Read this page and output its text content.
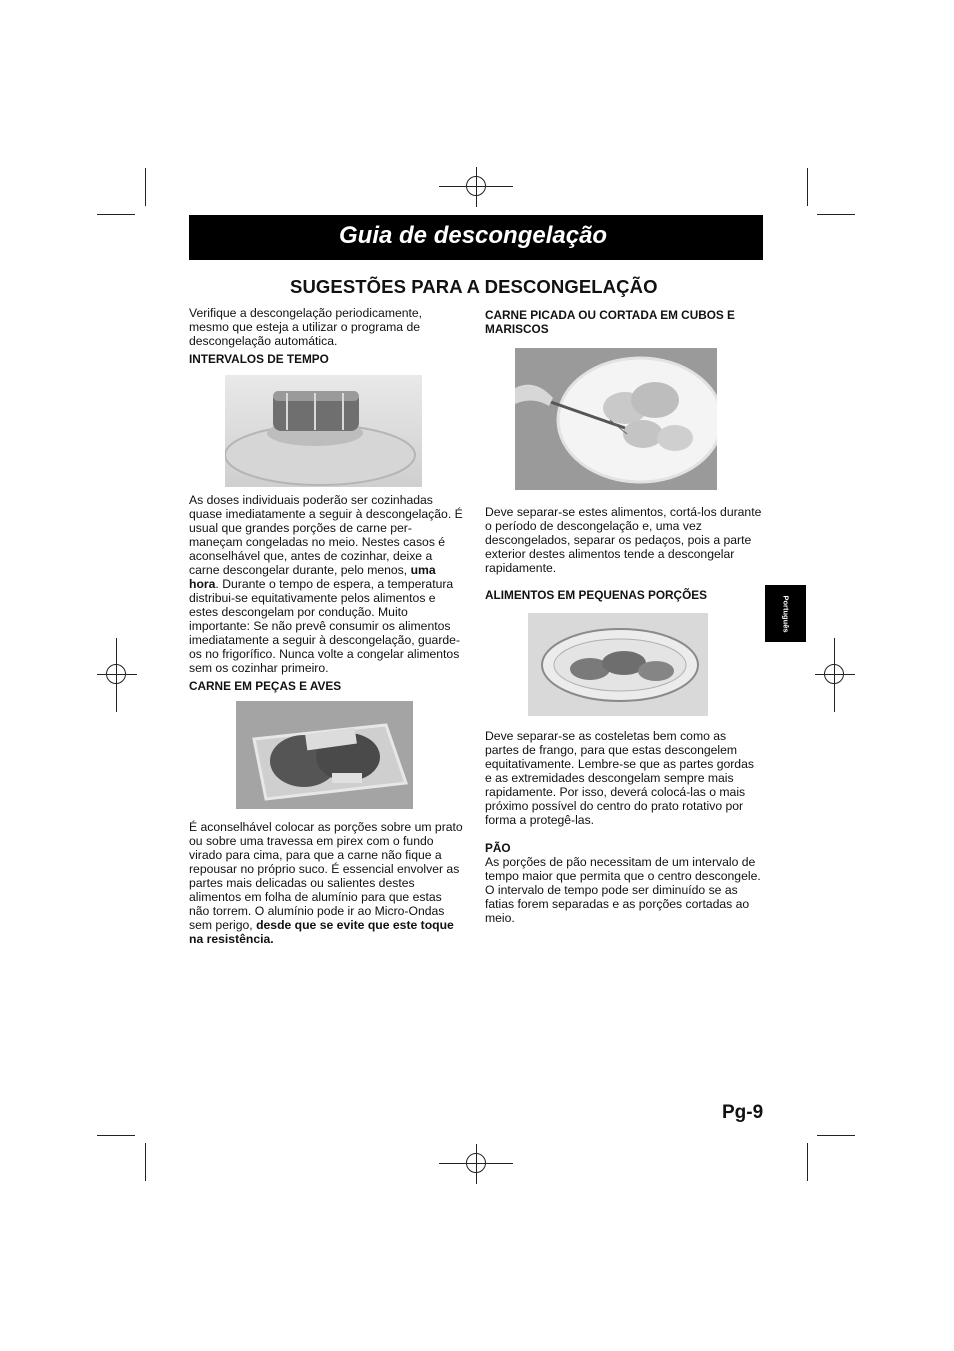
Guia de descongelação
SUGESTÕES PARA A DESCONGELAÇÃO

Verifique a descongelação periodicamente, mesmo que esteja a utilizar o programa de descongelação automática.

INTERVALOS DE TEMPO

As doses individuais poderão ser cozinhadas quase imediatamente a seguir à descongelação. É usual que grandes porções de carne per-maneçam congeladas no meio. Nestes casos é aconselhável que, antes de cozinhar, deixe a carne descongelar durante, pelo menos, uma hora. Durante o tempo de espera, a temperatura distribui-se equitativamente pelos alimentos e estes descongelam por condução. Muito importante: Se não prevê consumir os alimentos imediatamente a seguir à descongelação, guarde-os no frigorífico. Nunca volte a congelar alimentos sem os cozinhar primeiro.

CARNE EM PEÇAS E AVES

É aconselhável colocar as porções sobre um prato ou sobre uma travessa em pirex com o fundo virado para cima, para que a carne não fique a repousar no próprio suco. É essencial envolver as partes mais delicadas ou salientes destes alimentos em folha de alumínio para que estas não torrem. O alumínio pode ir ao Micro-Ondas sem perigo, desde que se evite que este toque na resistência.

CARNE PICADA OU CORTADA EM CUBOS E MARISCOS

Deve separar-se estes alimentos, cortá-los durante o período de descongelação e, uma vez descongelados, separar os pedaços, pois a parte exterior destes alimentos tende a descongelar rapidamente.

ALIMENTOS EM PEQUENAS PORÇÕES

Deve separar-se as costeletas bem como as partes de frango, para que estas descongelem equitativamente. Lembre-se que as partes gordas e as extremidades descongelam sempre mais rapidamente. Por isso, deverá colocá-las o mais próximo possível do centro do prato rotativo por forma a protegê-las.

PÃO

As porções de pão necessitam de um intervalo de tempo maior que permita que o centro descongele. O intervalo de tempo pode ser diminuído se as fatias forem separadas e as porções cortadas ao meio.

Português
Pg-9
